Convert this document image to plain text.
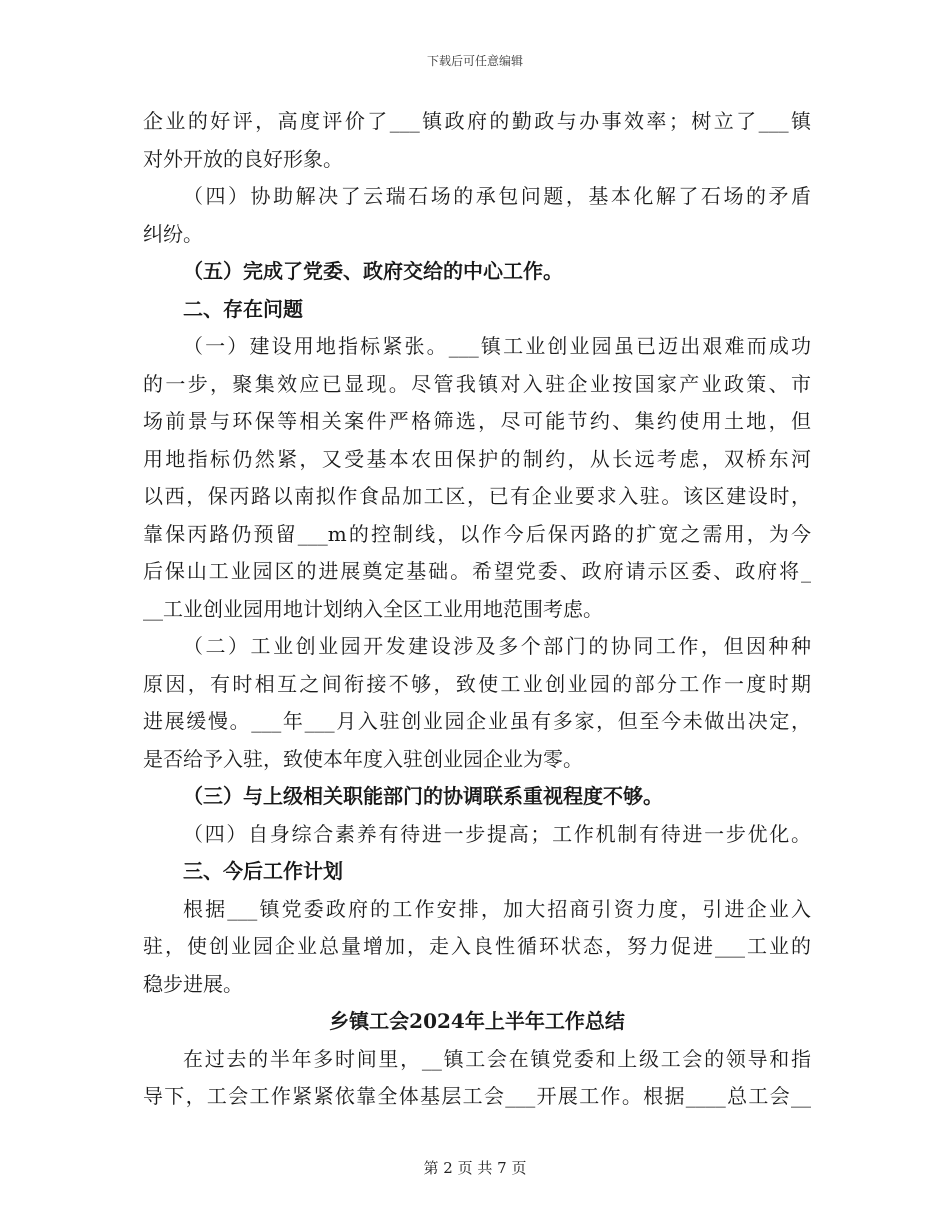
下载后可任意编辑
企业的好评，高度评价了___镇政府的勤政与办事效率；树立了___镇
对外开放的良好形象。
（四）协助解决了云瑞石场的承包问题，基本化解了石场的矛盾
纠纷。
（五）完成了党委、政府交给的中心工作。
二、存在问题
（一）建设用地指标紧张。___镇工业创业园虽已迈出艰难而成功
的一步，聚集效应已显现。尽管我镇对入驻企业按国家产业政策、市
场前景与环保等相关案件严格筛选，尽可能节约、集约使用土地，但
用地指标仍然紧，又受基本农田保护的制约，从长远考虑，双桥东河
以西，保丙路以南拟作食品加工区，已有企业要求入驻。该区建设时，
靠保丙路仍预留___m的控制线，以作今后保丙路的扩宽之需用，为今
后保山工业园区的进展奠定基础。希望党委、政府请示区委、政府将_
__工业创业园用地计划纳入全区工业用地范围考虑。
（二）工业创业园开发建设涉及多个部门的协同工作，但因种种
原因，有时相互之间衔接不够，致使工业创业园的部分工作一度时期
进展缓慢。___年___月入驻创业园企业虽有多家，但至今未做出决定，
是否给予入驻，致使本年度入驻创业园企业为零。
（三）与上级相关职能部门的协调联系重视程度不够。
（四）自身综合素养有待进一步提高；工作机制有待进一步优化。
三、今后工作计划
根据___镇党委政府的工作安排，加大招商引资力度，引进企业入
驻，使创业园企业总量增加，走入良性循环状态，努力促进___工业的
稳步进展。
乡镇工会2024年上半年工作总结
在过去的半年多时间里，__镇工会在镇党委和上级工会的领导和指
导下，工会工作紧紧依靠全体基层工会___开展工作。根据____总工会__
第 2 页 共 7 页
